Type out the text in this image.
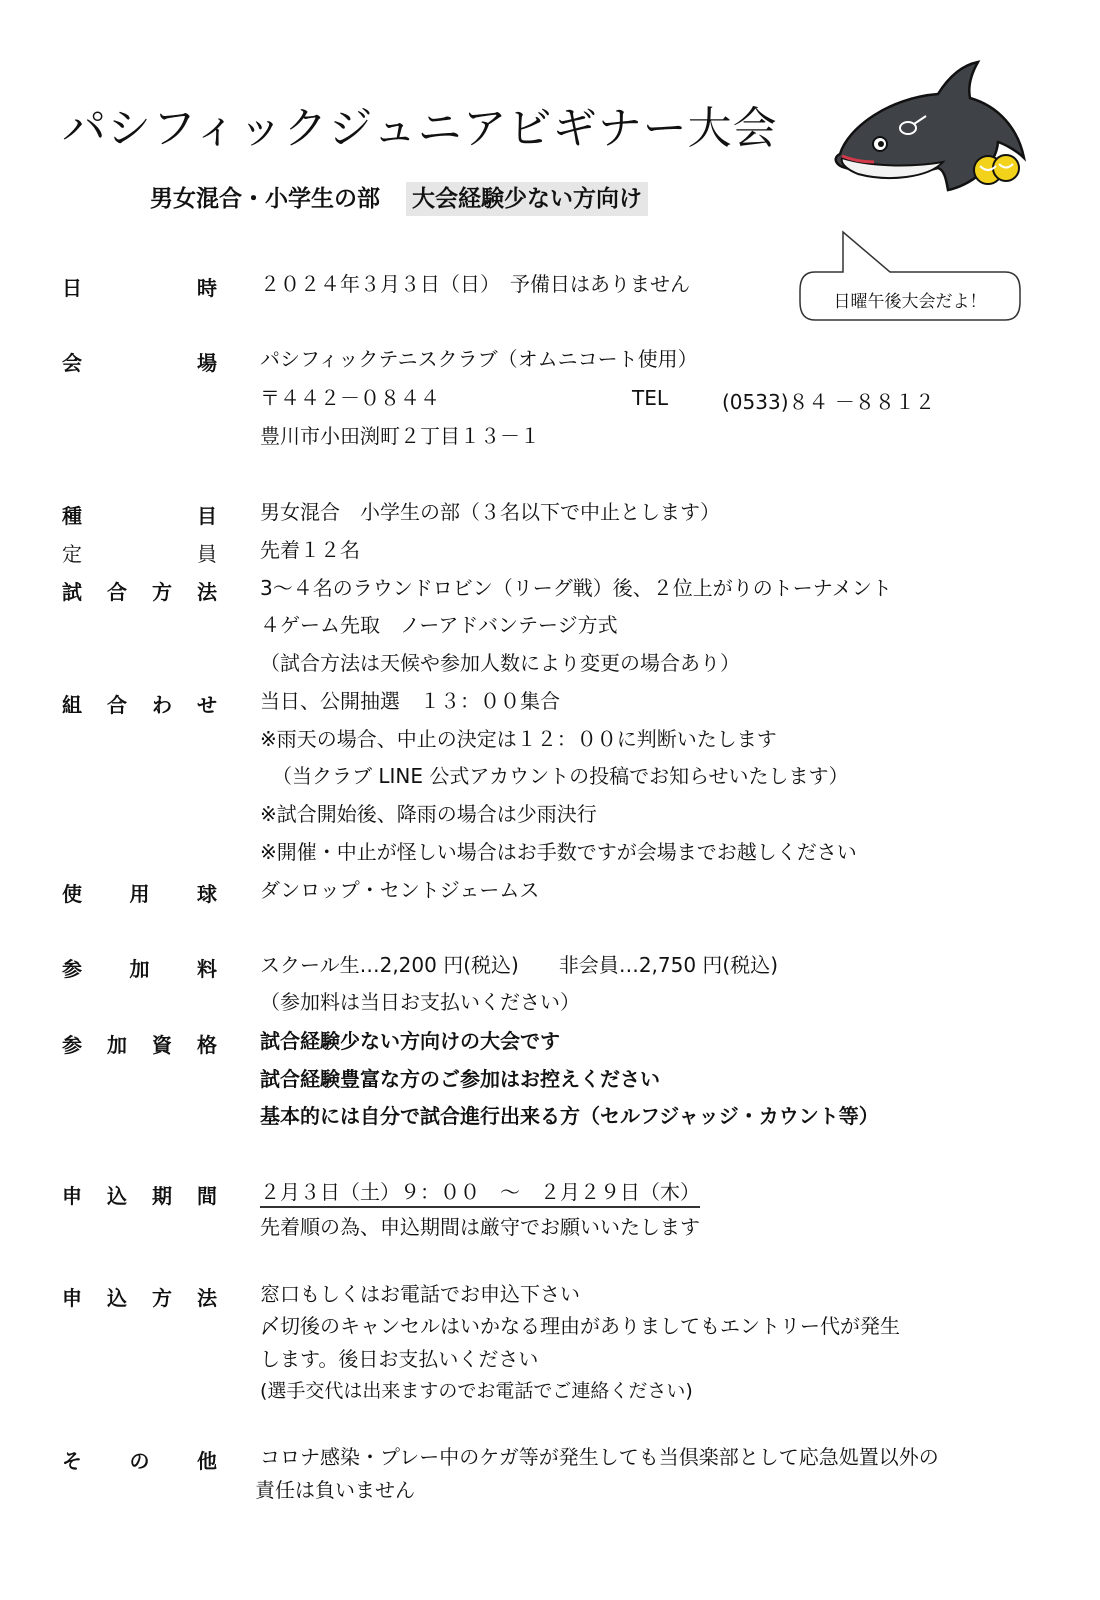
パシフィックジュニアビギナー大会
男女混合・小学生の部 大会経験少ない方向け
日曜午後大会だよ！
日	時 ２０２４年３月３日（日）　予備日はありません
会	場 パシフィックテニスクラブ（オムニコート使用）
〒４４２－０８４４	TEL	(0533)８４ －８８１２
豊川市小田渕町２丁目１３－１
種	目 男女混合　小学生の部（３名以下で中止とします）
定	員 先着１２名
試 合 方 法 3～４名のラウンドロビン（リーグ戦）後、２位上がりのトーナメント
４ゲーム先取　ノーアドバンテージ方式
（試合方法は天候や参加人数により変更の場合あり）
組 合 わ せ 当日、公開抽選　１３：００集合
※雨天の場合、中止の決定は１２：００に判断いたします
（当クラブ LINE 公式アカウントの投稿でお知らせいたします）
※試合開始後、降雨の場合は少雨決行
※開催・中止が怪しい場合はお手数ですが会場までお越しください
使 用 球 ダンロップ・セントジェームス
参 加 料 スクール生…2,200 円(税込)　　非会員…2,750 円(税込)
（参加料は当日お支払いください）
参 加 資 格 試合経験少ない方向けの大会です
試合経験豊富な方のご参加はお控えください
基本的には自分で試合進行出来る方（セルフジャッジ・カウント等）
申 込 期 間 ２月３日（土）９：００　～　２月２９日（木）
先着順の為、申込期間は厳守でお願いいたします
申 込 方 法 窓口もしくはお電話でお申込下さい
〆切後のキャンセルはいかなる理由がありましてもエントリー代が発生
します。後日お支払いください
(選手交代は出来ますのでお電話でご連絡ください)
そ の 他 コロナ感染・プレー中のケガ等が発生しても当倶楽部として応急処置以外の
責任は負いません
